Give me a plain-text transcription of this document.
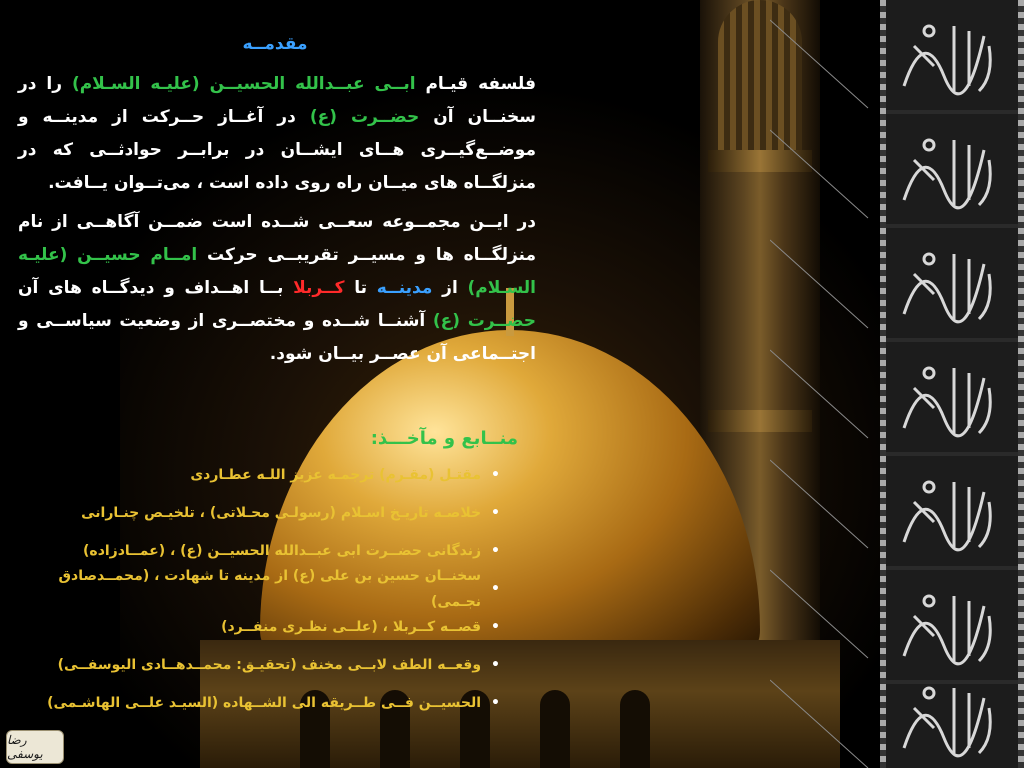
مقدمــه

فلسفه قیـام ابــی عبــدالله الحسیــن (علیـه السـلام) را در سخنــان آن حضــرت (ع) در آغــاز حــرکت از مدینــه و موضــع‌گیــری هــای ایشــان در برابــر حوادثــی که در منزلگــاه های میــان راه روی داده است ، می‌تــوان یــافت.

در ایــن مجمــوعه سعــی شــده است ضمــن آگاهــی از نام منزلگــاه ها و مسیــر تقریبــی حرکت امــام حسیــن (علیـه السـلام) از مدینــه تا کــربلا بــا اهــداف و دیدگــاه های آن حضــرت (ع) آشنــا شــده و مختصــری از وضعیت سیاســی و اجتــماعی آن عصــر بیــان شود.

منــابع و مآخـــذ:
•
مقتـل (مقـرم) ترجمـه عزیز اللـه عطـاردی
•
خلاصـه تاریـخ اسـلام (رسولـی محـلاتی) ، تلخیـص چنـارانی
•
زندگانی حضــرت ابی عبــدالله الحسیــن (ع) ، (عمــادزاده)
•
سخنــان حسین بن علی (ع) از مدینه تا شهادت ، (محمــدصادق نجـمی)
•
قصــه کــربلا ، (علــی نظـری منفــرد)
•
وقعــه الطف لابــی مخنف (تحقیـق: محمــدهــادی الیوسفــی)
•
الحسیــن فــی طــریقه الی الشــهاده (السیـد علــی الهاشـمی)
رضا یوسفی
